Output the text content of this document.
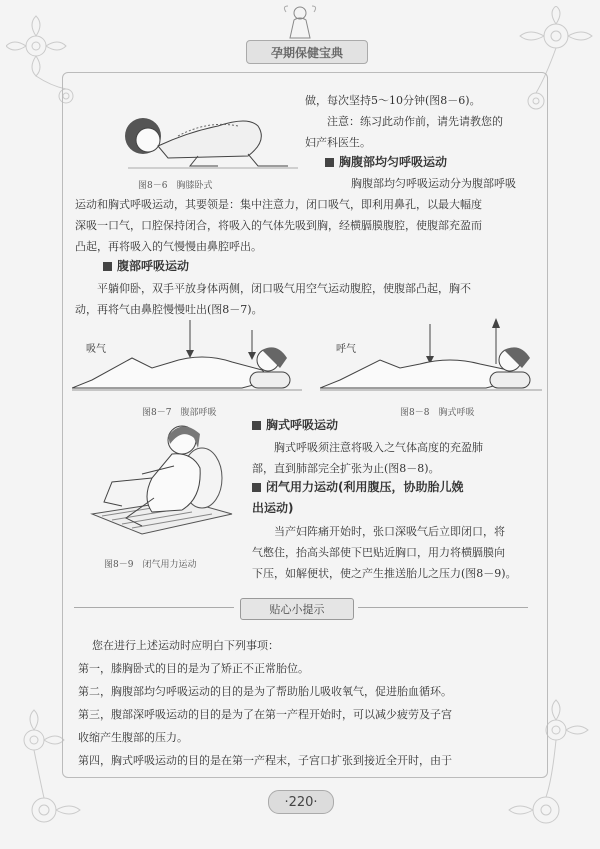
孕期保健宝典
图8－6　胸膝卧式

做，每次坚持5～10分钟(图8－6)。

注意：练习此动作前，请先请教您的

妇产科医生。

胸腹部均匀呼吸运动

胸腹部均匀呼吸运动分为腹部呼吸

运动和胸式呼吸运动，其要领是：集中注意力，闭口吸气，即利用鼻孔，以最大幅度

深吸一口气，口腔保持闭合，将吸入的气体先吸到胸，经横膈膜腹腔，使腹部充盈而

凸起，再将吸入的气慢慢由鼻腔呼出。

腹部呼吸运动

平躺仰卧，双手平放身体两侧，闭口吸气用空气运动腹腔，使腹部凸起，胸不

动，再将气由鼻腔慢慢吐出(图8－7)。

吸气
图8－7　腹部呼吸
呼气
图8－8　胸式呼吸
胸式呼吸运动

胸式呼吸须注意将吸入之气体高度的充盈肺

部，直到肺部完全扩张为止(图8－8)。

图8－9　闭气用力运动
闭气用力运动(利用腹压，协助胎儿娩
出运动)

当产妇阵痛开始时，张口深吸气后立即闭口，将

气憋住，抬高头部使下巴贴近胸口，用力将横膈膜向

下压，如解便状，使之产生推送胎儿之压力(图8－9)。

贴心小提示

您在进行上述运动时应明白下列事项：

第一，膝胸卧式的目的是为了矫正不正常胎位。

第二，胸腹部均匀呼吸运动的目的是为了帮助胎儿吸收氧气，促进胎血循环。

第三，腹部深呼吸运动的目的是为了在第一产程开始时，可以减少疲劳及子宫

收缩产生腹部的压力。

第四，胸式呼吸运动的目的是在第一产程末，子宫口扩张到接近全开时，由于

·220·
